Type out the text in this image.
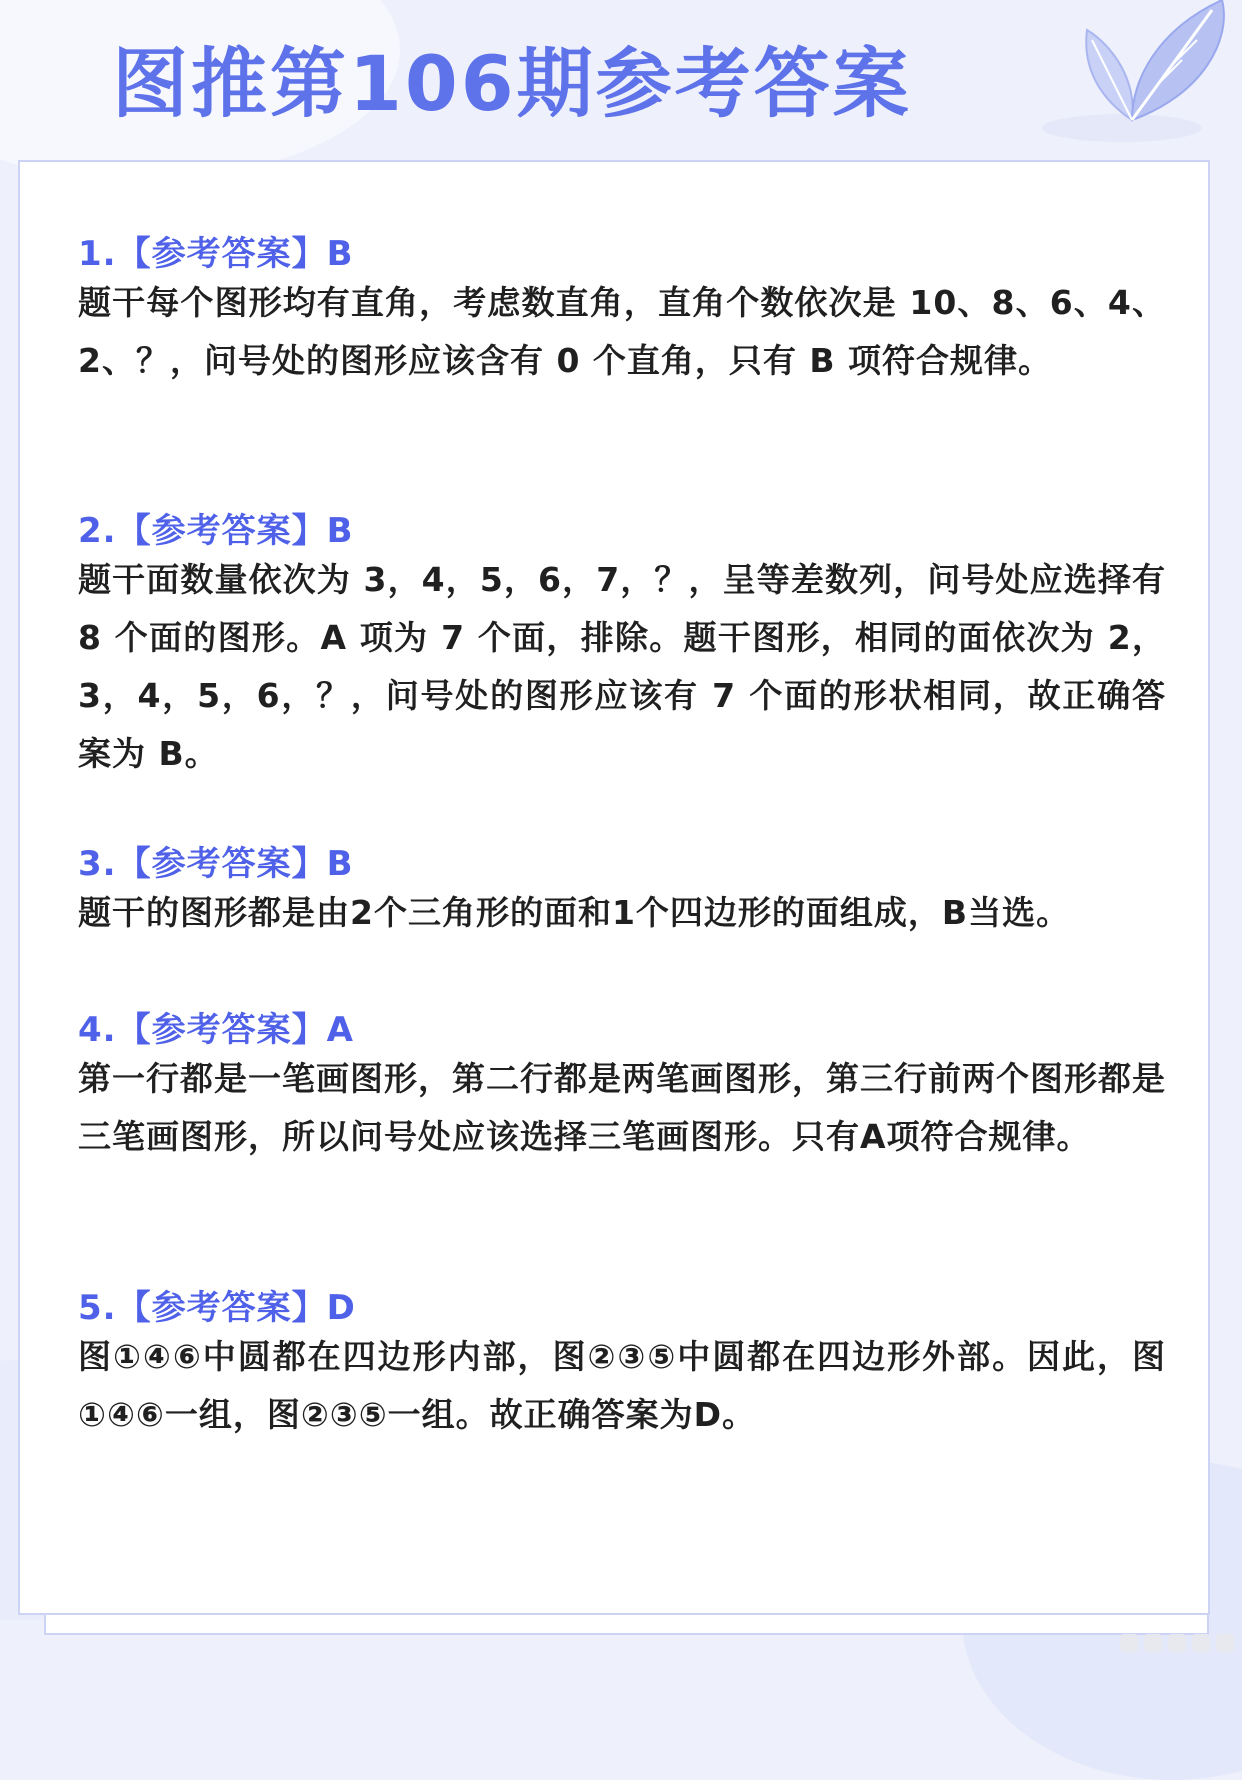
图推第106期参考答案
1.【参考答案】B

题干每个图形均有直角，考虑数直角，直角个数依次是 10、8、6、4、2、？，问号处的图形应该含有 0 个直角，只有 B 项符合规律。

2.【参考答案】B

题干面数量依次为 3，4，5，6，7，？，呈等差数列，问号处应选择有 8 个面的图形。A 项为 7 个面，排除。题干图形，相同的面依次为 2，3，4，5，6，？，问号处的图形应该有 7 个面的形状相同，故正确答案为 B。

3.【参考答案】B

题干的图形都是由2个三角形的面和1个四边形的面组成，B当选。

4.【参考答案】A

第一行都是一笔画图形，第二行都是两笔画图形，第三行前两个图形都是三笔画图形，所以问号处应该选择三笔画图形。只有A项符合规律。

5.【参考答案】D

图①④⑥中圆都在四边形内部，图②③⑤中圆都在四边形外部。因此，图①④⑥一组，图②③⑤一组。故正确答案为D。
